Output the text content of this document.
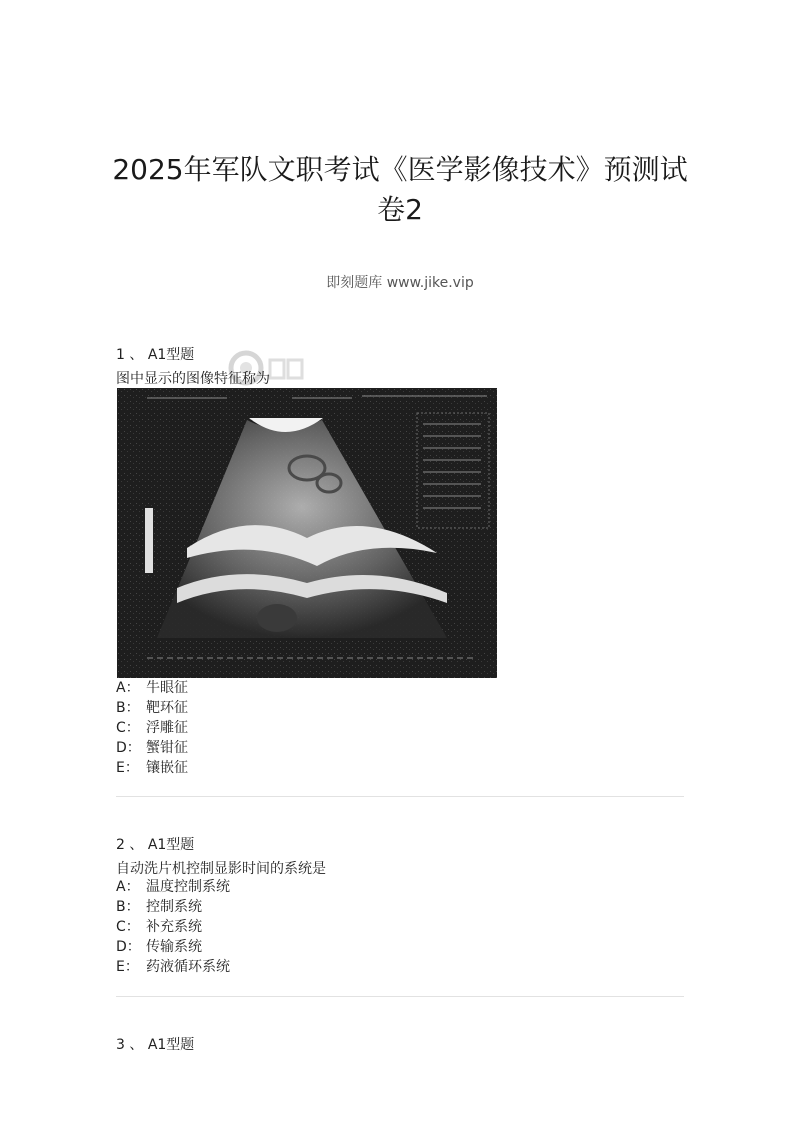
2025年军队文职考试《医学影像技术》预测试卷2
即刻题库 www.jike.vip
1 、 A1型题
图中显示的图像特征称为
A： 牛眼征
B： 靶环征
C： 浮雕征
D： 蟹钳征
E： 镶嵌征
2 、 A1型题
自动洗片机控制显影时间的系统是
A： 温度控制系统
B： 控制系统
C： 补充系统
D： 传输系统
E： 药液循环系统
3 、 A1型题
